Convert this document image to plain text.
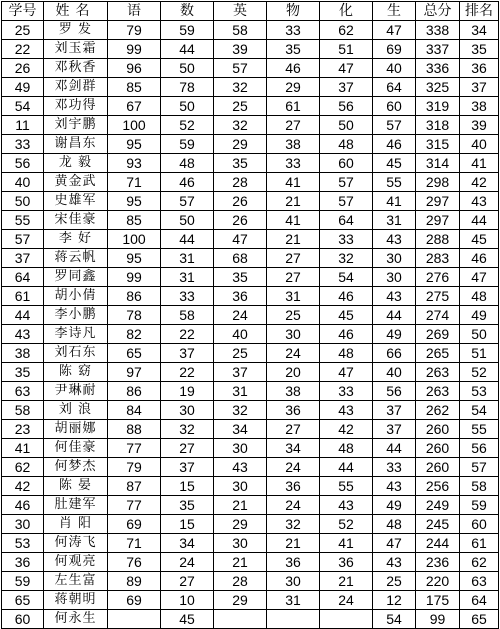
学号	姓名	语	数	英	物	化	生	总分	排名
25	罗 发	79	59	58	33	62	47	338	34
22	刘玉霜	99	44	39	35	51	69	337	35
26	邓秋香	96	50	57	46	47	40	336	36
49	邓剑群	85	78	32	29	37	64	325	37
54	邓功得	67	50	25	61	56	60	319	38
11	刘宇鹏	100	52	32	27	50	57	318	39
33	谢昌东	95	59	29	38	48	46	315	40
56	龙 毅	93	48	35	33	60	45	314	41
40	黄金武	71	46	28	41	57	55	298	42
50	史雄军	95	57	26	21	57	41	297	43
55	宋佳豪	85	50	26	41	64	31	297	44
57	李 好	100	44	47	21	33	43	288	45
37	蒋云帆	95	31	68	27	32	30	283	46
64	罗同鑫	99	31	35	27	54	30	276	47
61	胡小倩	86	33	36	31	46	43	275	48
44	李小鹏	78	58	24	25	45	44	274	49
43	李诗凡	82	22	40	30	46	49	269	50
38	刘石东	65	37	25	24	48	66	265	51
35	陈 窈	97	22	37	20	47	40	263	52
63	尹琳耐	86	19	31	38	33	56	263	53
58	刘 浪	84	30	32	36	43	37	262	54
23	胡丽娜	88	32	34	27	42	37	260	55
41	何佳豪	77	27	30	34	48	44	260	56
62	何梦杰	79	37	43	24	44	33	260	57
42	陈 晏	87	15	30	36	55	43	256	58
46	肚建军	77	35	21	24	43	49	249	59
30	肖 阳	69	15	29	32	52	48	245	60
53	何涛飞	71	34	30	21	41	47	244	61
36	何观亮	76	24	21	36	36	43	236	62
59	左生富	89	27	28	30	21	25	220	63
65	蒋朝明	69	10	29	31	24	12	175	64
60	何永生		45				54	99	65
